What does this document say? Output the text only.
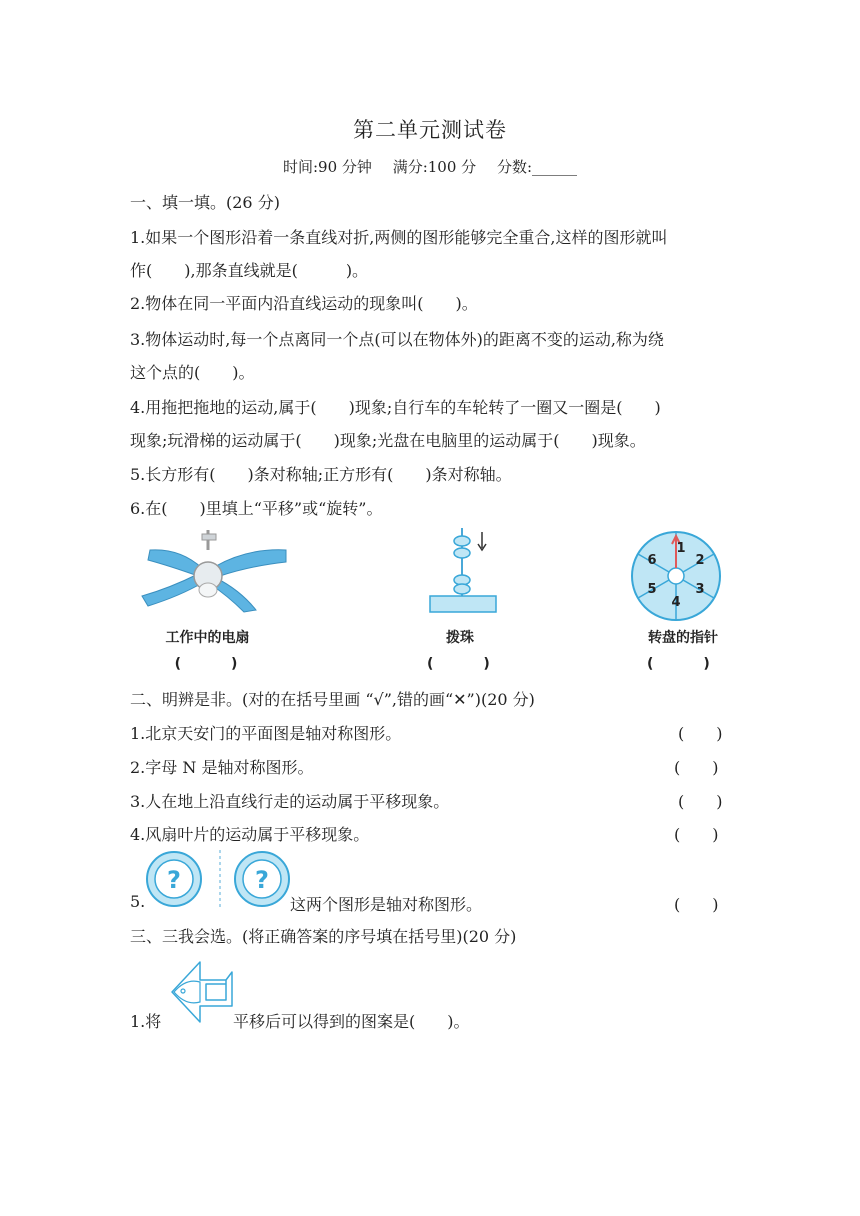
第二单元测试卷
时间:90 分钟 满分:100 分 分数:______
一、填一填。(26 分)
1.如果一个图形沿着一条直线对折,两侧的图形能够完全重合,这样的图形就叫
作(　　),那条直线就是(　　　)。
2.物体在同一平面内沿直线运动的现象叫(　　)。
3.物体运动时,每一个点离同一个点(可以在物体外)的距离不变的运动,称为绕
这个点的(　　)。
4.用拖把拖地的运动,属于(　　)现象;自行车的车轮转了一圈又一圈是(　　)
现象;玩滑梯的运动属于(　　)现象;光盘在电脑里的运动属于(　　)现象。
5.长方形有(　　)条对称轴;正方形有(　　)条对称轴。
6.在(　　)里填上“平移”或“旋转”。
1
2
3
4
5
6
工作中的电扇
(　)
拨珠
(　)
转盘的指针
(　)
二、明辨是非。(对的在括号里画 “√”,错的画“✕”)(20 分)
1.北京天安门的平面图是轴对称图形。	(　　)
2.字母 N 是轴对称图形。	(　　)
3.人在地上沿直线行走的运动属于平移现象。	(　　)
4.风扇叶片的运动属于平移现象。	(　　)
5.
?	?
这两个图形是轴对称图形。	(　　)
三、三我会选。(将正确答案的序号填在括号里)(20 分)
1.将	平移后可以得到的图案是(　　)。
